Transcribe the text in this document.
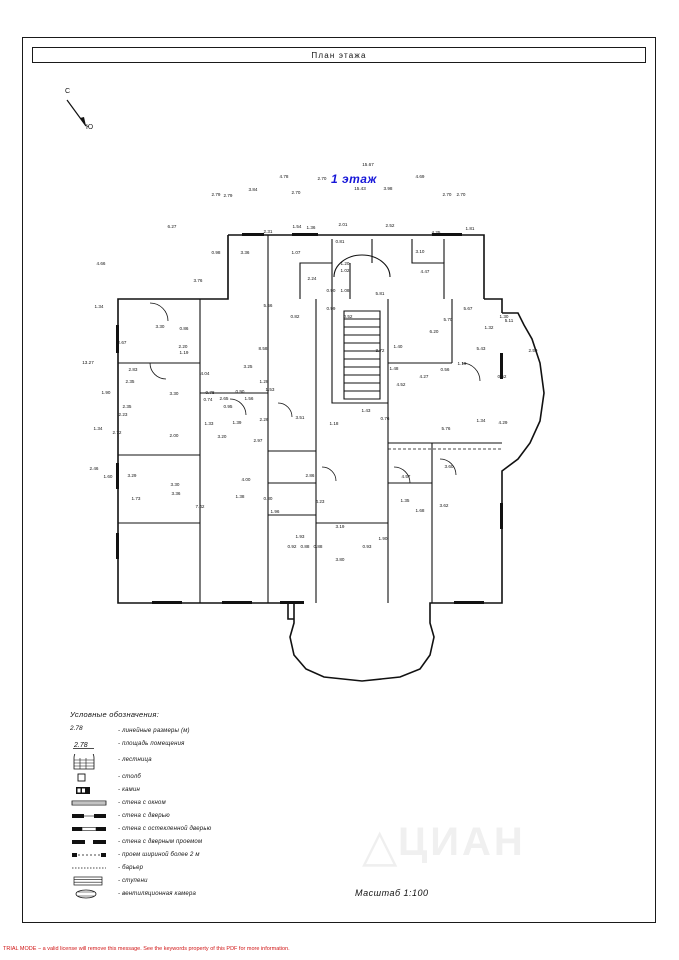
План этажа
С
Ю
1 этаж
15.67
15.43
4.78	2.70
3.98
4.69
2.79 2.79
3.84
2.70	2.70 2.70
6.27
2.31
1.54 1.36
2.01	2.52
4.25
1.81
3.36
0.98	1.07
0.81
3.10
4.66
3.76	2.24
1.20
1.02	4.47
1.34	5.66
0.90 1.08
5.81
5.67
3.30	0.86
0.82
0.99
0.52
5.70
6.20
5.11
1.30
1.32
2.67
2.20
1.19
8.58	3.72
1.40	5.43	2.59
13.27
2.83
3.25
4.04
1.48
1.19
0.56
4.27
4.52
0.52
2.35	1.28
0.90	1.53
1.56
2.35
2.23
3.30
1.90	0.78
0.74 2.65
1.33	1.39
2.26
0.95
3.51
1.18
1.43
0.76
5.76
1.34	4.29
1.34
2.72
2.00	3.20
2.97
2.46
1.60	3.29
3.30
4.00
2.86	4.57
3.60
1.73
3.36
1.38	0.80
7.42
1.96
4.23	1.35
1.68
3.62
3.19
1.93
0.92 0.88 0.88	0.93
1.90
3.80
Условные обозначения:
2.78	- линейные размеры (м)
2.78	- площадь помещения
- лестница
- столб
- камин
- стена с окном
- стена с дверью
- стена с остекленной дверью
- стена с дверным проемом
- проем шириной более 2 м
- барьер
- ступени
- вентиляционная камера
△ ЦИАН
Масштаб 1:100
TRIAL MODE − a valid license will remove this message. See the keywords property of this PDF for more information.
